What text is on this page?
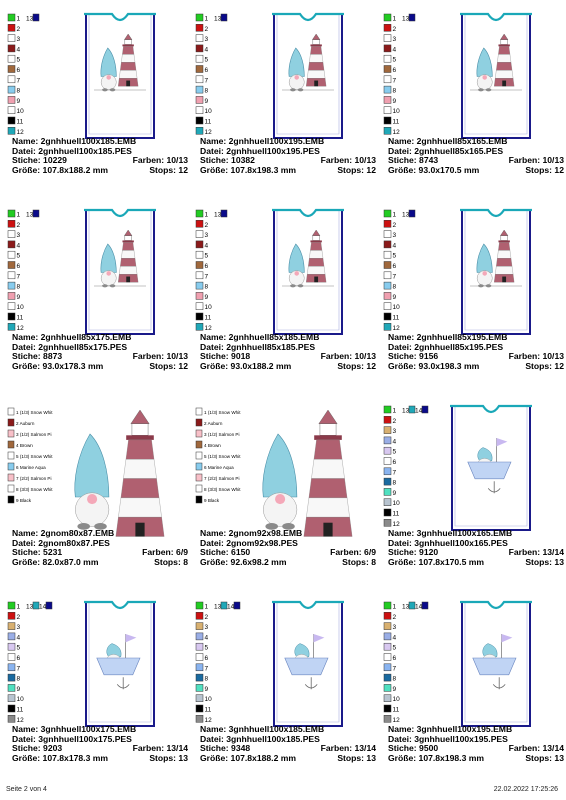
1
2
3
4
5
6
7
8
9
10
11
12
13
Name: 2gnhhuell100x185.EMB
Datei: 2gnhhuell100x185.PES
Stiche: 10229	Farben: 10/13
Größe: 107.8x188.2 mm	Stops: 12
1
2
3
4
5
6
7
8
9
10
11
12
13
Name: 2gnhhuell100x195.EMB
Datei: 2gnhhuell100x195.PES
Stiche: 10382	Farben: 10/13
Größe: 107.8x198.3 mm	Stops: 12
1
2
3
4
5
6
7
8
9
10
11
12
13
Name: 2gnhhuell85x165.EMB
Datei: 2gnhhuell85x165.PES
Stiche: 8743	Farben: 10/13
Größe: 93.0x170.5 mm	Stops: 12
1
2
3
4
5
6
7
8
9
10
11
12
13
Name: 2gnhhuell85x175.EMB
Datei: 2gnhhuell85x175.PES
Stiche: 8873	Farben: 10/13
Größe: 93.0x178.3 mm	Stops: 12
1
2
3
4
5
6
7
8
9
10
11
12
13
Name: 2gnhhuell85x185.EMB
Datei: 2gnhhuell85x185.PES
Stiche: 9018	Farben: 10/13
Größe: 93.0x188.2 mm	Stops: 12
1
2
3
4
5
6
7
8
9
10
11
12
13
Name: 2gnhhuell85x195.EMB
Datei: 2gnhhuell85x195.PES
Stiche: 9156	Farben: 10/13
Größe: 93.0x198.3 mm	Stops: 12
1 (1/3) Snow Whit
2 Auburn
3 (1/2) Salmon Pi
4 Brown
5 (1/3) Snow Whit
6 Marine Aqua
7 (2/2) Salmon Pi
8 (3/3) Snow Whit
9 Black
Name: 2gnom80x87.EMB
Datei: 2gnom80x87.PES
Stiche: 5231	Farben: 6/9
Größe: 82.0x87.0 mm	Stops: 8
1 (1/3) Snow Whit
2 Auburn
3 (1/2) Salmon Pi
4 Brown
5 (1/3) Snow Whit
6 Marine Aqua
7 (2/2) Salmon Pi
8 (3/3) Snow Whit
9 Black
Name: 2gnom92x98.EMB
Datei: 2gnom92x98.PES
Stiche: 6150	Farben: 6/9
Größe: 92.6x98.2 mm	Stops: 8
1
2
3
4
5
6
7
8
9
10
11
12
13 14
Name: 3gnhhuell100x165.EMB
Datei: 3gnhhuell100x165.PES
Stiche: 9120	Farben: 13/14
Größe: 107.8x170.5 mm	Stops: 13
1
2
3
4
5
6
7
8
9
10
11
12
13 14
Name: 3gnhhuell100x175.EMB
Datei: 3gnhhuell100x175.PES
Stiche: 9203	Farben: 13/14
Größe: 107.8x178.3 mm	Stops: 13
1
2
3
4
5
6
7
8
9
10
11
12
13 14
Name: 3gnhhuell100x185.EMB
Datei: 3gnhhuell100x185.PES
Stiche: 9348	Farben: 13/14
Größe: 107.8x188.2 mm	Stops: 13
1
2
3
4
5
6
7
8
9
10
11
12
13 14
Name: 3gnhhuell100x195.EMB
Datei: 3gnhhuell100x195.PES
Stiche: 9500	Farben: 13/14
Größe: 107.8x198.3 mm	Stops: 13
Seite 2 von 4	22.02.2022 17:25:26
